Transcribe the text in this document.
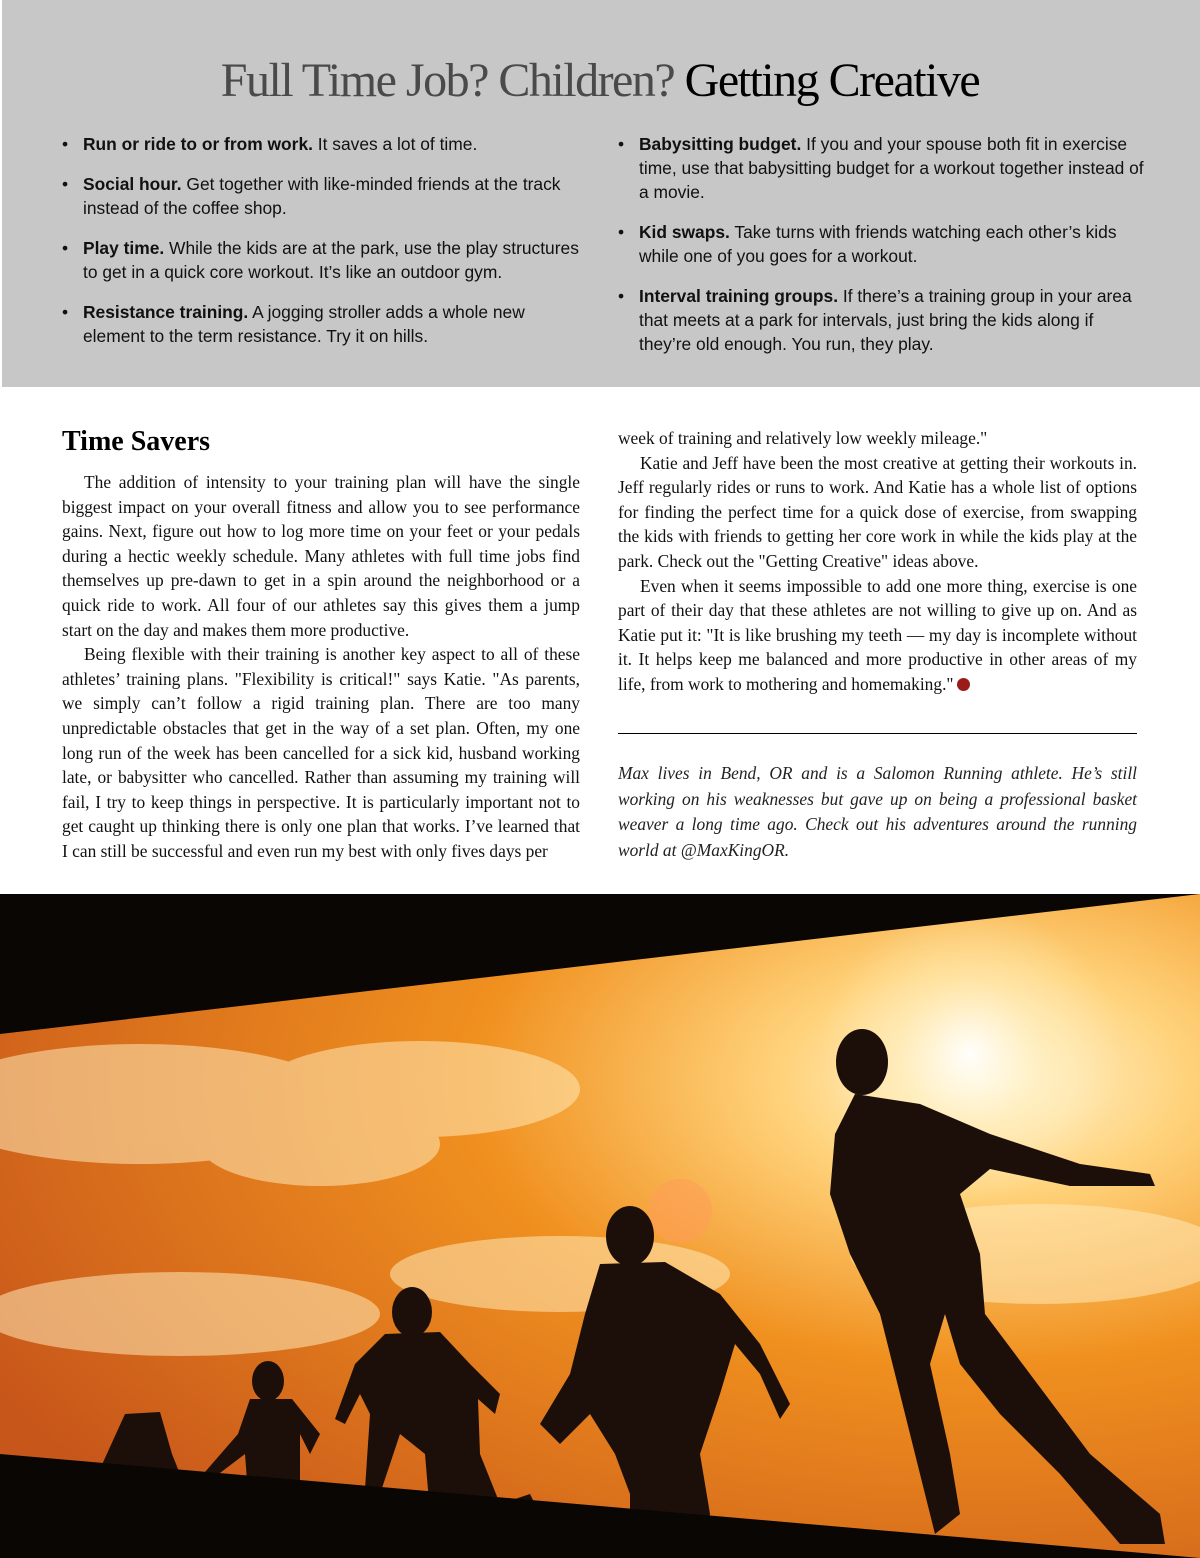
Full Time Job? Children? Getting Creative
• Run or ride to or from work. It saves a lot of time.
• Social hour. Get together with like-minded friends at the track instead of the coffee shop.
• Play time. While the kids are at the park, use the play structures to get in a quick core workout. It’s like an outdoor gym.
• Resistance training. A jogging stroller adds a whole new element to the term resistance. Try it on hills.
• Babysitting budget. If you and your spouse both fit in exercise time, use that babysitting budget for a workout together instead of a movie.
• Kid swaps. Take turns with friends watching each other’s kids while one of you goes for a workout.
• Interval training groups. If there’s a training group in your area that meets at a park for intervals, just bring the kids along if they’re old enough. You run, they play.
Time Savers

The addition of intensity to your training plan will have the single biggest impact on your overall fitness and allow you to see performance gains. Next, figure out how to log more time on your feet or your pedals during a hectic weekly schedule. Many athletes with full time jobs find themselves up pre-dawn to get in a spin around the neighborhood or a quick ride to work. All four of our athletes say this gives them a jump start on the day and makes them more productive.

Being flexible with their training is another key aspect to all of these athletes’ training plans. "Flexibility is critical!" says Katie. "As parents, we simply can’t follow a rigid training plan. There are too many unpredictable obstacles that get in the way of a set plan. Often, my one long run of the week has been cancelled for a sick kid, husband working late, or babysitter who cancelled. Rather than assuming my training will fail, I try to keep things in perspective. It is particularly important not to get caught up thinking there is only one plan that works. I’ve learned that I can still be successful and even run my best with only fives days per

week of training and relatively low weekly mileage."

Katie and Jeff have been the most creative at getting their workouts in. Jeff regularly rides or runs to work. And Katie has a whole list of options for finding the perfect time for a quick dose of exercise, from swapping the kids with friends to getting her core work in while the kids play at the park. Check out the "Getting Creative" ideas above.

Even when it seems impossible to add one more thing, exercise is one part of their day that these athletes are not willing to give up on. And as Katie put it: "It is like brushing my teeth — my day is incomplete without it. It helps keep me balanced and more productive in other areas of my life, from work to mothering and homemaking."

Max lives in Bend, OR and is a Salomon Running athlete. He’s still working on his weaknesses but gave up on being a professional basket weaver a long time ago. Check out his adventures around the running world at @MaxKingOR.
